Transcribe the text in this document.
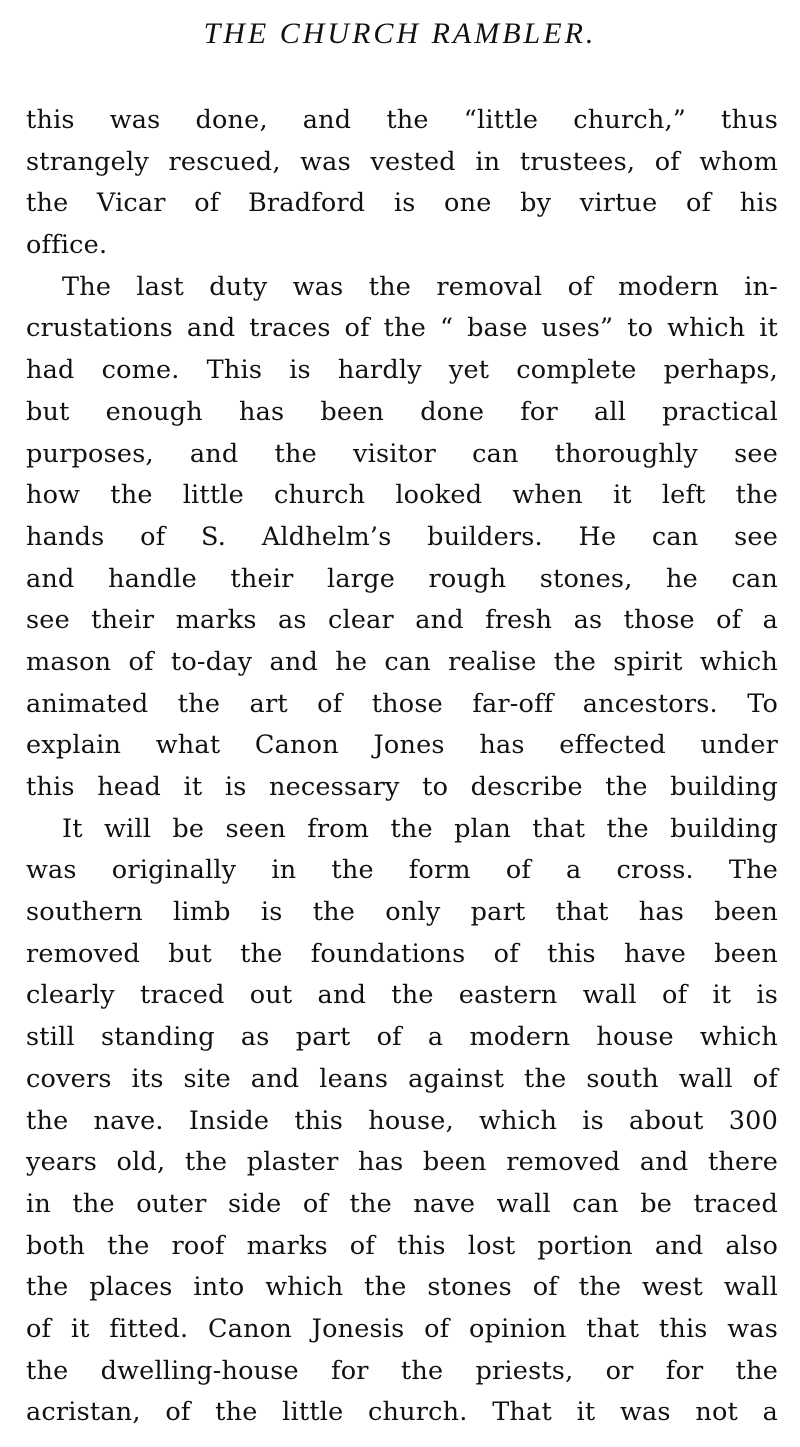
THE CHURCH RAMBLER.
this was done, and the “little church,” thus
strangely rescued, was vested in trustees, of whom
the Vicar of Bradford is one by virtue of his
office.
The last duty was the removal of modern in-
crustations and traces of the “ base uses” to which it
had come. This is hardly yet complete perhaps,
but enough has been done for all practical
purposes, and the visitor can thoroughly see
how the little church looked when it left the
hands of S. Aldhelm’s builders. He can see
and handle their large rough stones, he can
see their marks as clear and fresh as those of a
mason of to-day and he can realise the spirit which
animated the art of those far-off ancestors. To
explain what Canon Jones has effected under
this head it is necessary to describe the building
It will be seen from the plan that the building
was originally in the form of a cross. The
southern limb is the only part that has been
removed but the foundations of this have been
clearly traced out and the eastern wall of it is
still standing as part of a modern house which
covers its site and leans against the south wall of
the nave. Inside this house, which is about 300
years old, the plaster has been removed and there
in the outer side of the nave wall can be traced
both the roof marks of this lost portion and also
the places into which the stones of the west wall
of it fitted. Canon Jonesis of opinion that this was
the dwelling-house for the priests, or for the
acristan, of the little church. That it was not a
